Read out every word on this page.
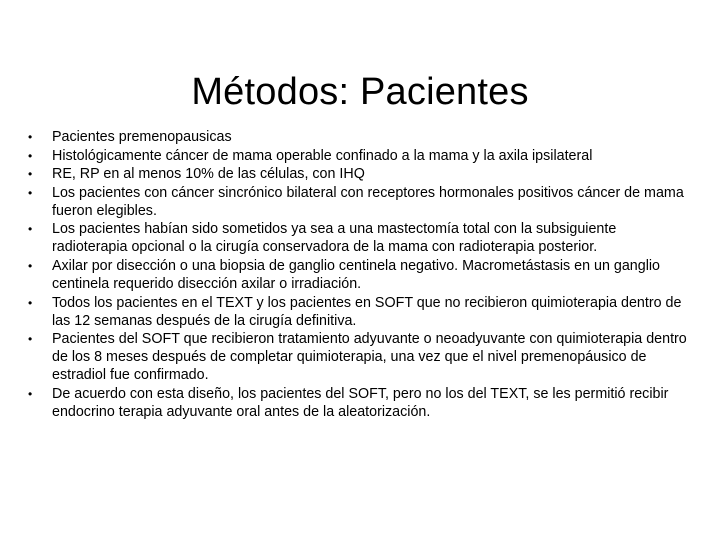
Métodos: Pacientes
•	Pacientes premenopausicas
•	Histológicamente cáncer de mama operable confinado a la mama y la axila ipsilateral
•	RE, RP en al menos 10% de las células, con IHQ
•	Los pacientes con cáncer sincrónico bilateral con receptores hormonales positivos cáncer de mama fueron elegibles.
•	Los pacientes habían sido sometidos ya sea a una mastectomía total con la subsiguiente radioterapia opcional o la cirugía conservadora de la mama con radioterapia posterior.
•	Axilar por disección o una biopsia de ganglio centinela negativo. Macrometástasis en un ganglio centinela requerido disección axilar o irradiación.
•	Todos los pacientes en el TEXT y los pacientes en SOFT que no recibieron quimioterapia dentro de las 12 semanas después de la cirugía definitiva.
•	Pacientes del SOFT que recibieron tratamiento adyuvante o neoadyuvante con quimioterapia dentro de los 8 meses después de completar quimioterapia, una vez que el nivel premenopáusico de estradiol fue confirmado.
•	De acuerdo con esta diseño, los pacientes del SOFT, pero no los del TEXT, se les permitió recibir endocrino terapia adyuvante oral antes de la aleatorización.
